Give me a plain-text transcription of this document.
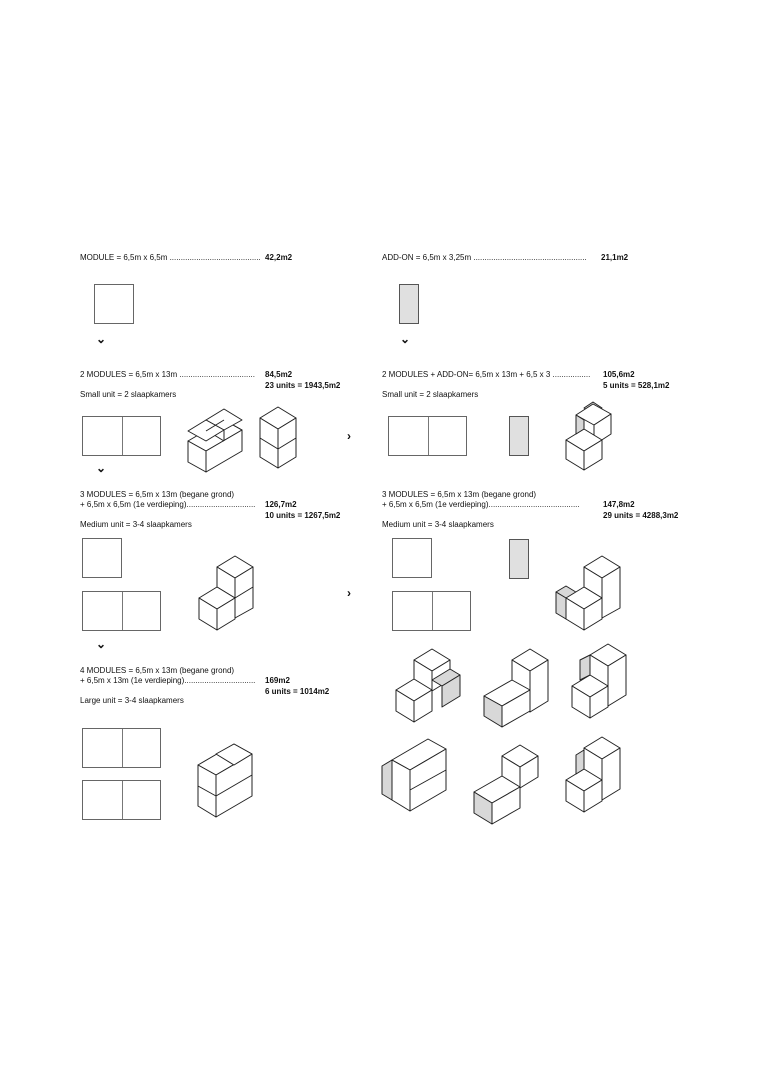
MODULE = 6,5m x 6,5m ......................................... 42,2m2
2 MODULES = 6,5m x 13m .................................. 84,5m2
23 units = 1943,5m2
Small unit = 2 slaapkamers
3 MODULES = 6,5m x 13m (begane grond)
+ 6,5m x 6,5m (1e verdieping)............................... 126,7m2
10 units = 1267,5m2
Medium unit = 3-4 slaapkamers
4 MODULES = 6,5m x 13m (begane grond)
+ 6,5m x 13m (1e verdieping)................................ 169m2
6 units = 1014m2
Large unit = 3-4 slaapkamers
ADD-ON = 6,5m x 3,25m ................................................... 21,1m2
2 MODULES + ADD-ON= 6,5m x 13m + 6,5 x 3 ................. 105,6m2
5 units = 528,1m2
Small unit = 2 slaapkamers
3 MODULES = 6,5m x 13m (begane grond)
+ 6,5m x 6,5m (1e verdieping).........................................	147,8m2
29 units = 4288,3m2
Medium unit = 3-4 slaapkamers
⌄	⌄
⌄
⌄
›
›
